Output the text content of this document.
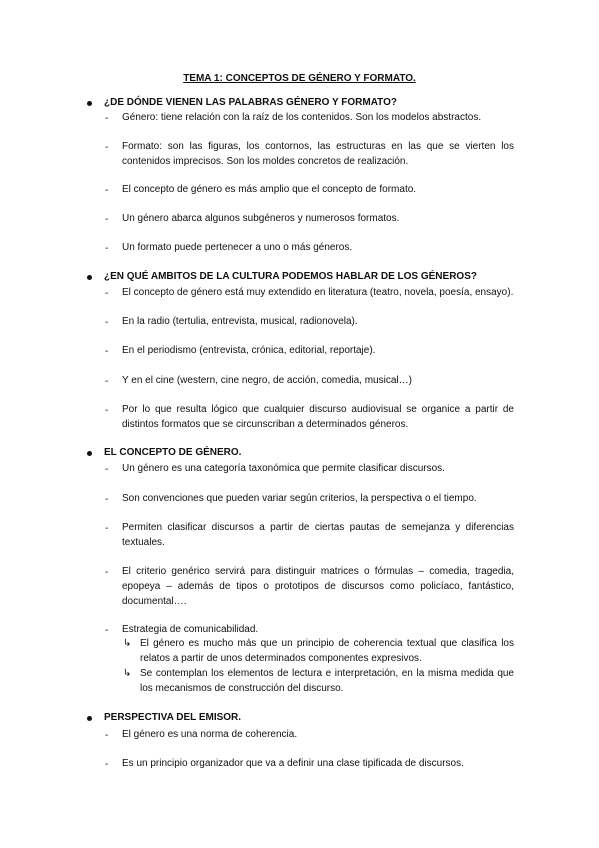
TEMA 1: CONCEPTOS DE GÉNERO Y FORMATO.
¿DE DÓNDE VIENEN LAS PALABRAS GÉNERO Y FORMATO?
- Género: tiene relación con la raíz de los contenidos. Son los modelos abstractos.
- Formato: son las figuras, los contornos, las estructuras en las que se vierten los contenidos imprecisos. Son los moldes concretos de realización.
- El concepto de género es más amplio que el concepto de formato.
- Un género abarca algunos subgéneros y numerosos formatos.
- Un formato puede pertenecer a uno o más géneros.
¿EN QUÉ AMBITOS DE LA CULTURA PODEMOS HABLAR DE LOS GÉNEROS?
- El concepto de género está muy extendido en literatura (teatro, novela, poesía, ensayo).
- En la radio (tertulia, entrevista, musical, radionovela).
- En el periodismo (entrevista, crónica, editorial, reportaje).
- Y en el cine (western, cine negro, de acción, comedia, musical…)
- Por lo que resulta lógico que cualquier discurso audiovisual se organice a partir de distintos formatos que se circunscriban a determinados géneros.
EL CONCEPTO DE GÉNERO.
- Un género es una categoría taxonómica que permite clasificar discursos.
- Son convenciones que pueden variar según criterios, la perspectiva o el tiempo.
- Permiten clasificar discursos a partir de ciertas pautas de semejanza y diferencias textuales.
- El criterio genérico servirá para distinguir matrices o fórmulas – comedia, tragedia, epopeya – además de tipos o prototipos de discursos como policíaco, fantástico, documental….
- Estrategia de comunicabilidad.
↳ El género es mucho más que un principio de coherencia textual que clasifica los relatos a partir de unos determinados componentes expresivos.
↳ Se contemplan los elementos de lectura e interpretación, en la misma medida que los mecanismos de construcción del discurso.
PERSPECTIVA DEL EMISOR.
- El género es una norma de coherencia.
- Es un principio organizador que va a definir una clase tipificada de discursos.
